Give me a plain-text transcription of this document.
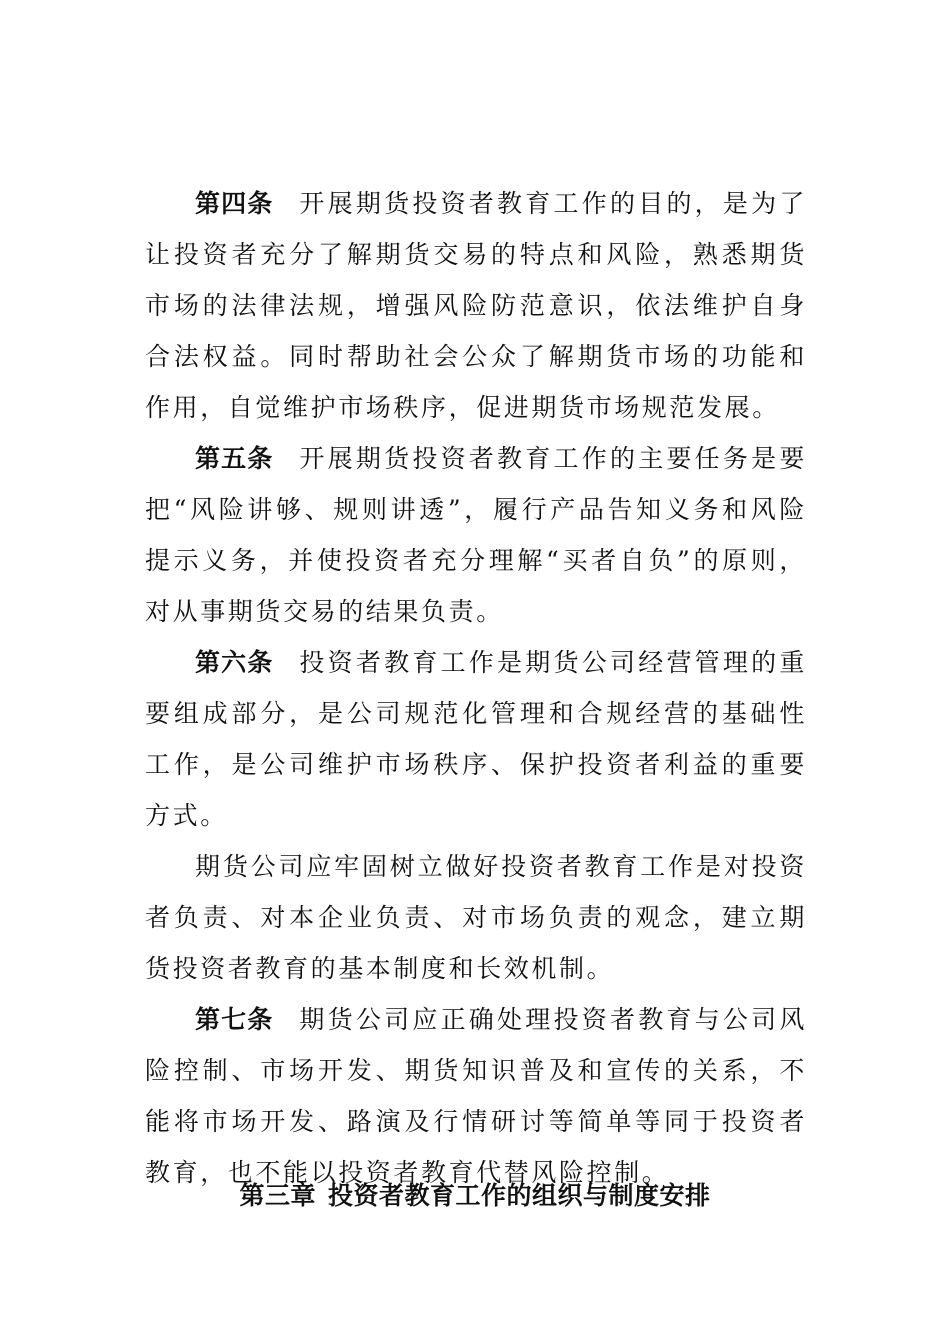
第四条 开展期货投资者教育工作的目的，是为了让投资者充分了解期货交易的特点和风险，熟悉期货市场的法律法规，增强风险防范意识，依法维护自身合法权益。同时帮助社会公众了解期货市场的功能和作用，自觉维护市场秩序，促进期货市场规范发展。

第五条 开展期货投资者教育工作的主要任务是要把“风险讲够、规则讲透”，履行产品告知义务和风险提示义务，并使投资者充分理解“买者自负”的原则，对从事期货交易的结果负责。

第六条 投资者教育工作是期货公司经营管理的重要组成部分，是公司规范化管理和合规经营的基础性工作，是公司维护市场秩序、保护投资者利益的重要方式。

期货公司应牢固树立做好投资者教育工作是对投资者负责、对本企业负责、对市场负责的观念，建立期货投资者教育的基本制度和长效机制。

第七条 期货公司应正确处理投资者教育与公司风险控制、市场开发、期货知识普及和宣传的关系，不能将市场开发、路演及行情研讨等简单等同于投资者教育，也不能以投资者教育代替风险控制。

第三章 投资者教育工作的组织与制度安排
